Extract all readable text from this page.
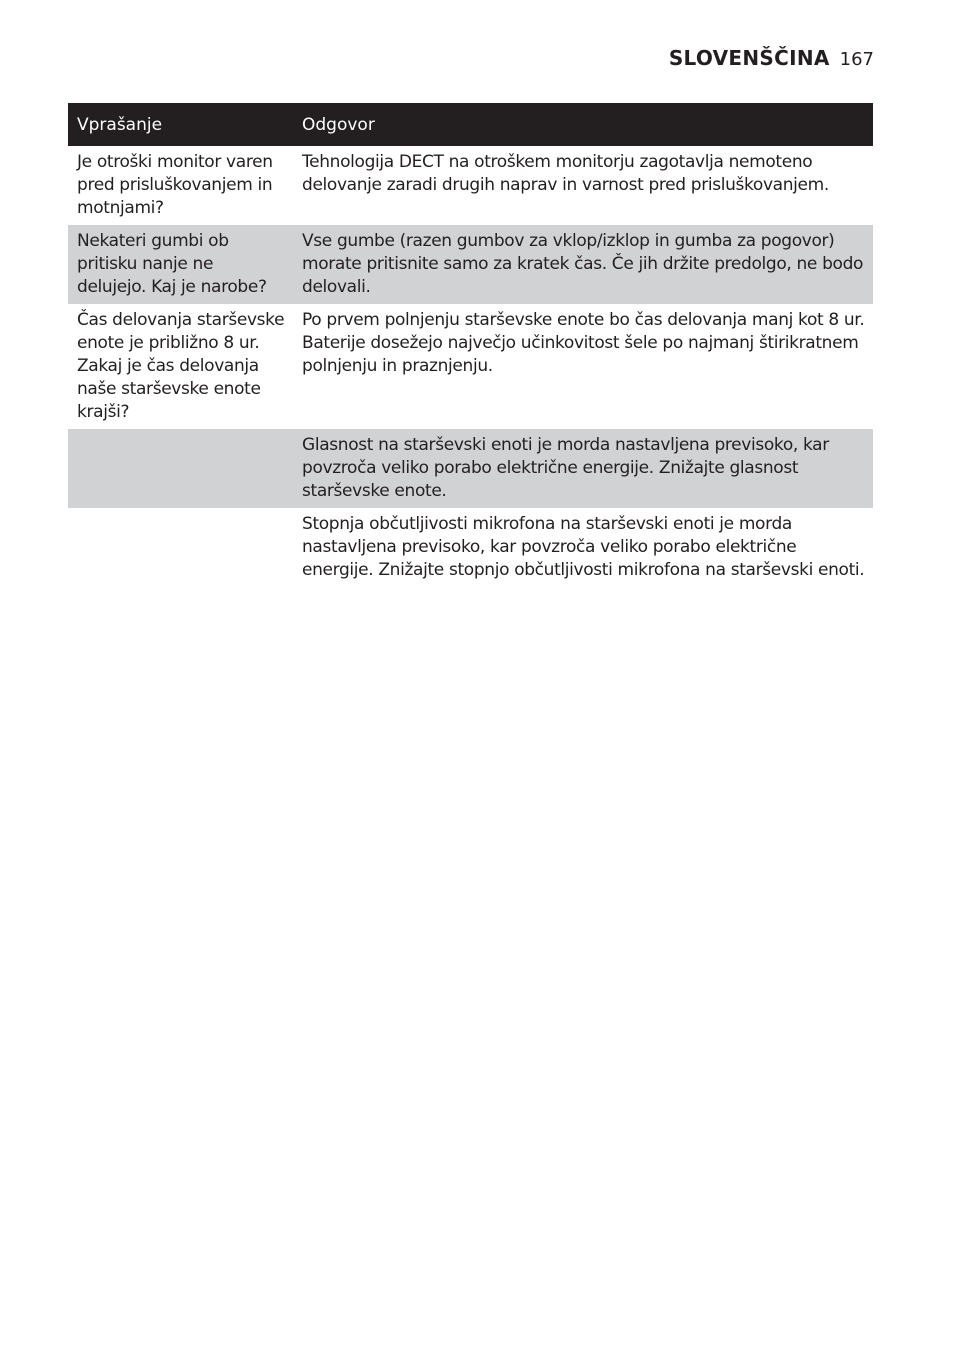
SLOVENŠČINA 167
Vprašanje	Odgovor
Je otroški monitor varen pred prisluškovanjem in motnjami?	Tehnologija DECT na otroškem monitorju zagotavlja nemoteno delovanje zaradi drugih naprav in varnost pred prisluškovanjem.
Nekateri gumbi ob pritisku nanje ne delujejo. Kaj je narobe?	Vse gumbe (razen gumbov za vklop/izklop in gumba za pogovor) morate pritisnite samo za kratek čas. Če jih držite predolgo, ne bodo delovali.
Čas delovanja starševske enote je približno 8 ur. Zakaj je čas delovanja naše starševske enote krajši?	Po prvem polnjenju starševske enote bo čas delovanja manj kot 8 ur. Baterije dosežejo največjo učinkovitost šele po najmanj štirikratnem polnjenju in praznjenju.
	Glasnost na starševski enoti je morda nastavljena previsoko, kar povzroča veliko porabo električne energije. Znižajte glasnost starševske enote.
	Stopnja občutljivosti mikrofona na starševski enoti je morda nastavljena previsoko, kar povzroča veliko porabo električne energije. Znižajte stopnjo občutljivosti mikrofona na starševski enoti.
